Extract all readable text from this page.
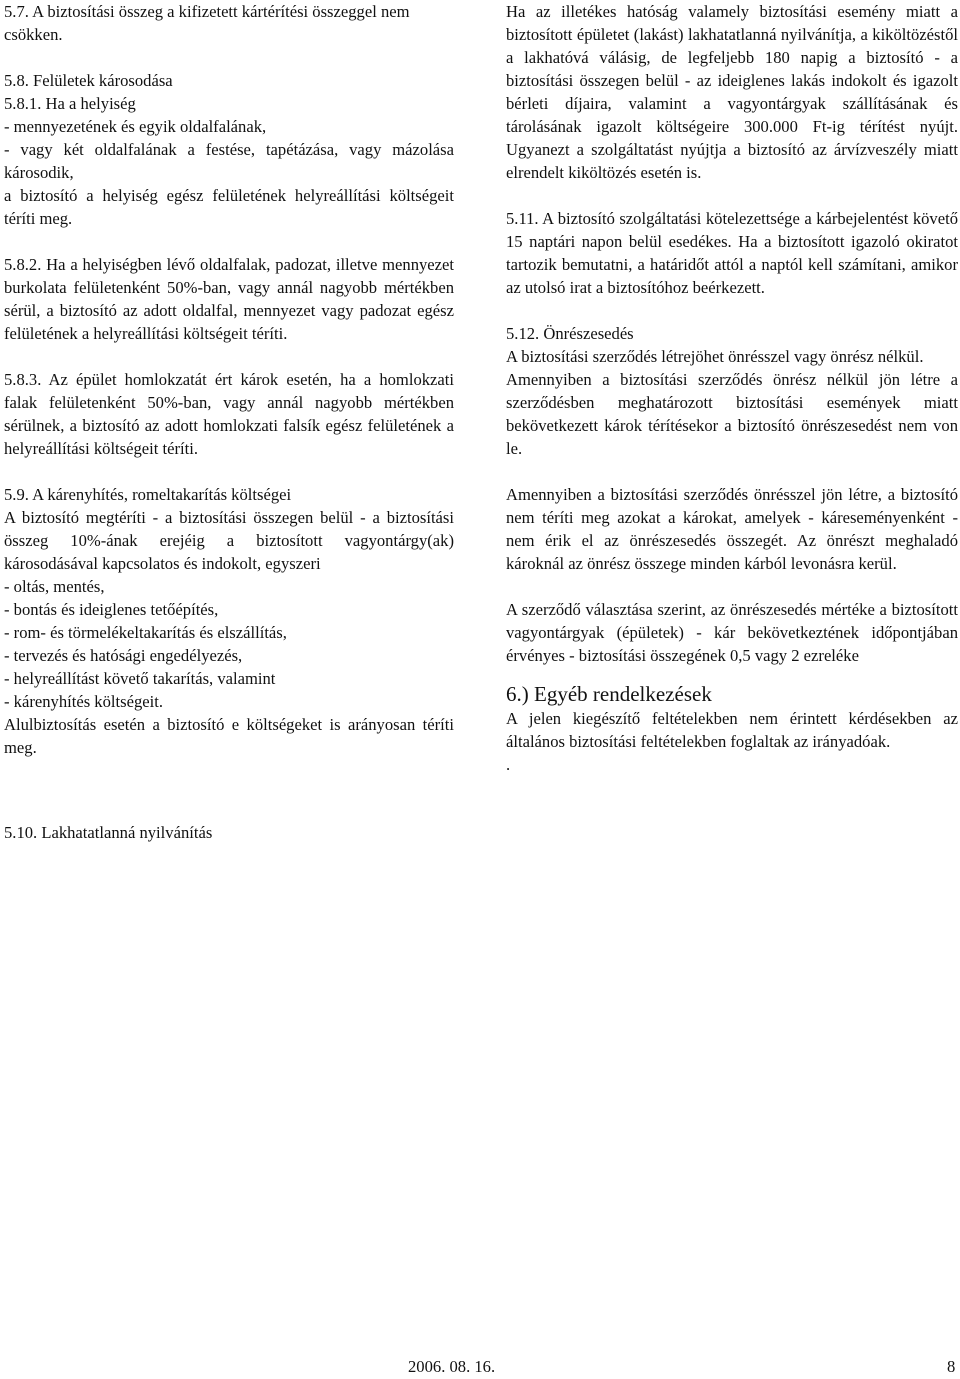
5.7. A biztosítási összeg a kifizetett kártérítési összeggel nem csökken.
5.8. Felületek károsodása
5.8.1. Ha a helyiség
- mennyezetének és egyik oldalfalának,
- vagy két oldalfalának a festése, tapétázása, vagy mázolása károsodik,
a biztosító a helyiség egész felületének helyreállítási költségeit téríti meg.
5.8.2. Ha a helyiségben lévő oldalfalak, padozat, illetve mennyezet burkolata felületenként 50%-ban, vagy annál nagyobb mértékben sérül, a biztosító az adott oldalfal, mennyezet vagy padozat egész felületének a helyreállítási költségeit téríti.
5.8.3. Az épület homlokzatát ért károk esetén, ha a homlokzati falak felületenként 50%-ban, vagy annál nagyobb mértékben sérülnek, a biztosító az adott homlokzati falsík egész felületének a helyreállítási költségeit téríti.
5.9. A kárenyhítés, romeltakarítás költségei
A biztosító megtéríti - a biztosítási összegen belül - a biztosítási összeg 10%-ának erejéig a biztosított vagyontárgy(ak) károsodásával kapcsolatos és indokolt, egyszeri
- oltás, mentés,
- bontás és ideiglenes tetőépítés,
- rom- és törmelékeltakarítás és elszállítás,
- tervezés és hatósági engedélyezés,
- helyreállítást követő takarítás, valamint
- kárenyhítés költségeit.
Alulbiztosítás esetén a biztosító e költségeket is arányosan téríti meg.
5.10. Lakhatatlanná nyilvánítás
Ha az illetékes hatóság valamely biztosítási esemény miatt a biztosított épületet (lakást) lakhatatlanná nyilvánítja, a kiköltözéstől a lakhatóvá válásig, de legfeljebb 180 napig a biztosító - a biztosítási összegen belül - az ideiglenes lakás indokolt és igazolt bérleti díjaira, valamint a vagyontárgyak szállításának és tárolásának igazolt költségeire 300.000 Ft-ig térítést nyújt. Ugyanezt a szolgáltatást nyújtja a biztosító az árvízveszély miatt elrendelt kiköltözés esetén is.
5.11. A biztosító szolgáltatási kötelezettsége a kárbejelentést követő 15 naptári napon belül esedékes. Ha a biztosított igazoló okiratot tartozik bemutatni, a határidőt attól a naptól kell számítani, amikor az utolsó irat a biztosítóhoz beérkezett.
5.12. Önrészesedés
A biztosítási szerződés létrejöhet önrésszel vagy önrész nélkül.
Amennyiben a biztosítási szerződés önrész nélkül jön létre a szerződésben meghatározott biztosítási események miatt bekövetkezett károk térítésekor a biztosító önrészesedést nem von le.
Amennyiben a biztosítási szerződés önrésszel jön létre, a biztosító nem téríti meg azokat a károkat, amelyek - káreseményenként - nem érik el az önrészesedés összegét. Az önrészt meghaladó károknál az önrész összege minden kárból levonásra kerül.
A szerződő választása szerint, az önrészesedés mértéke a biztosított vagyontárgyak (épületek) - kár bekövetkeztének időpontjában érvényes - biztosítási összegének 0,5 vagy 2 ezreléke
6.) Egyéb rendelkezések
A jelen kiegészítő feltételekben nem érintett kérdésekben az általános biztosítási feltételekben foglaltak az irányadóak.
.
2006. 08. 16.	8
